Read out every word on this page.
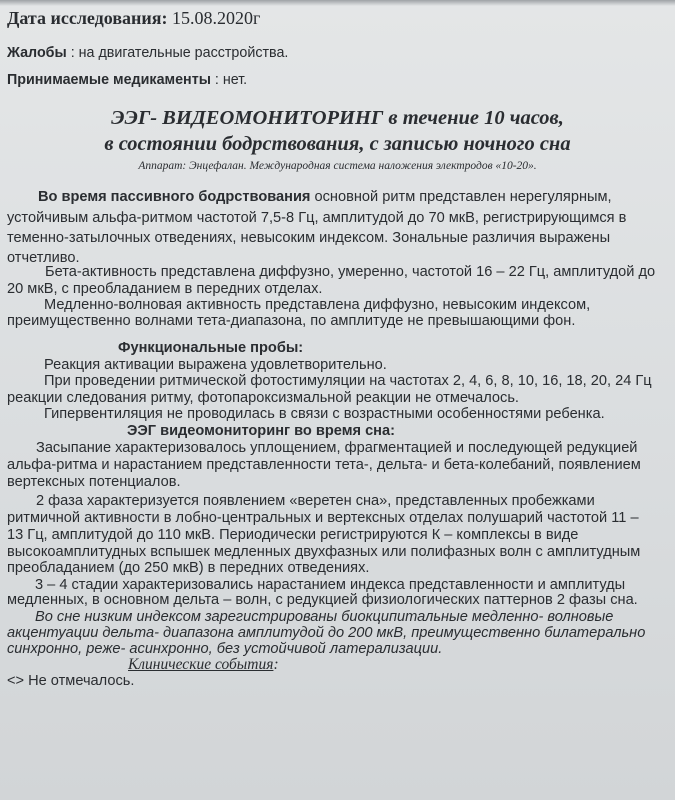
Дата исследования: 15.08.2020г
Жалобы : на двигательные расстройства.
Принимаемые медикаменты : нет.
ЭЭГ- ВИДЕОМОНИТОРИНГ в течение 10 часов,
в состоянии бодрствования, с записью ночного сна
Аппарат: Энцефалан. Международная система наложения электродов «10-20».
Во время пассивного бодрствования основной ритм представлен нерегулярным,
устойчивым альфа-ритмом частотой 7,5-8 Гц, амплитудой до 70 мкВ, регистрирующимся в
теменно-затылочных отведениях, невысоким индексом. Зональные различия выражены
отчетливо.
Бета-активность представлена диффузно, умеренно, частотой 16 – 22 Гц, амплитудой до
20 мкВ, с преобладанием в передних отделах.
Медленно-волновая активность представлена диффузно, невысоким индексом,
преимущественно волнами тета-диапазона, по амплитуде не превышающими фон.
Функциональные пробы:
Реакция активации выражена удовлетворительно.
При проведении ритмической фотостимуляции на частотах 2, 4, 6, 8, 10, 16, 18, 20, 24 Гц
реакции следования ритму, фотопароксизмальной реакции не отмечалось.
Гипервентиляция не проводилась в связи с возрастными особенностями ребенка.
ЭЭГ видеомониторинг во время сна:
Засыпание характеризовалось уплощением, фрагментацией и последующей редукцией
альфа-ритма и нарастанием представленности тета-, дельта- и бета-колебаний, появлением
вертексных потенциалов.
2 фаза характеризуется появлением «веретен сна», представленных пробежками
ритмичной активности в лобно-центральных и вертексных отделах полушарий частотой 11 –
13 Гц, амплитудой до 110 мкВ. Периодически регистрируются К – комплексы в виде
высокоамплитудных вспышек медленных двухфазных или полифазных волн с амплитудным
преобладанием (до 250 мкВ) в передних отведениях.
3 – 4 стадии характеризовались нарастанием индекса представленности и амплитуды
медленных, в основном дельта – волн, с редукцией физиологических паттернов 2 фазы сна.
Во сне низким индексом зарегистрированы биокципитальные медленно- волновые
акцентуации дельта- диапазона амплитудой до 200 мкВ, преимущественно билатерально
синхронно, реже- асинхронно, без устойчивой латерализации.
Клинические события:
<> Не отмечалось.
